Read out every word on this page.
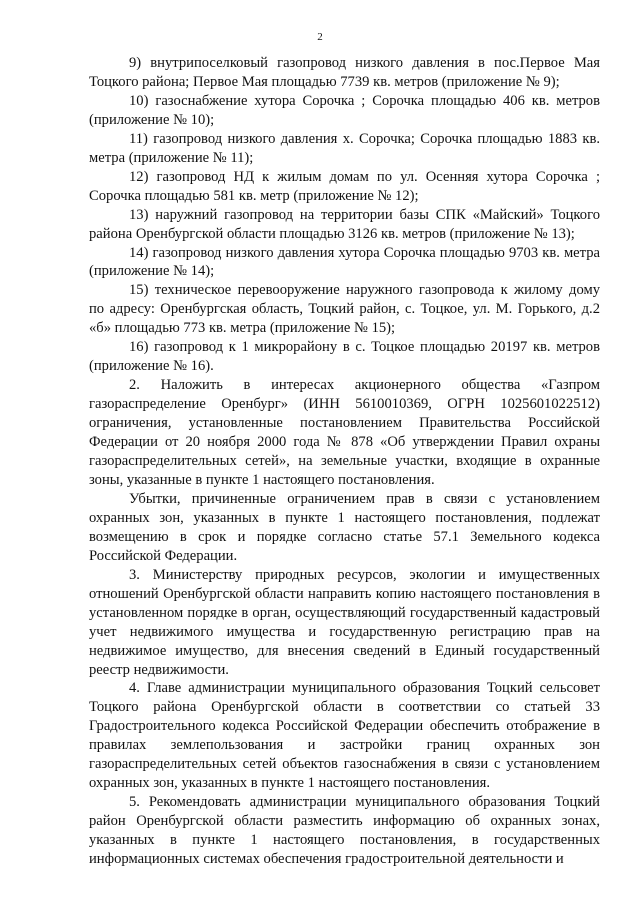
2

9) внутрипоселковый газопровод низкого давления в пос.Первое Мая Тоцкого района; Первое Мая площадью 7739 кв. метров (приложение № 9);

10) газоснабжение хутора Сорочка ; Сорочка площадью 406 кв. метров (приложение № 10);

11) газопровод низкого давления х. Сорочка; Сорочка площадью 1883 кв. метра (приложение № 11);

12) газопровод НД к жилым домам по ул. Осенняя хутора Сорочка ; Сорочка площадью 581 кв. метр (приложение № 12);

13) наружний газопровод на территории базы СПК «Майский» Тоцкого района Оренбургской области площадью 3126 кв. метров (приложение № 13);

14) газопровод низкого давления хутора Сорочка площадью 9703 кв. метра (приложение № 14);

15) техническое перевооружение наружного газопровода к жилому дому по адресу: Оренбургская область, Тоцкий район, с. Тоцкое, ул. М. Горького, д.2 «б» площадью 773 кв. метра (приложение № 15);

16) газопровод к 1 микрорайону в с. Тоцкое площадью 20197 кв. метров (приложение № 16).

2. Наложить в интересах акционерного общества «Газпром газораспределение Оренбург» (ИНН 5610010369, ОГРН 1025601022512) ограничения, установленные постановлением Правительства Российской Федерации от 20 ноября 2000 года № 878 «Об утверждении Правил охраны газораспределительных сетей», на земельные участки, входящие в охранные зоны, указанные в пункте 1 настоящего постановления.

Убытки, причиненные ограничением прав в связи с установлением охранных зон, указанных в пункте 1 настоящего постановления, подлежат возмещению в срок и порядке согласно статье 57.1 Земельного кодекса Российской Федерации.

3. Министерству природных ресурсов, экологии и имущественных отношений Оренбургской области направить копию настоящего постановления в установленном порядке в орган, осуществляющий государственный кадастровый учет недвижимого имущества и государственную регистрацию прав на недвижимое имущество, для внесения сведений в Единый государственный реестр недвижимости.

4. Главе администрации муниципального образования Тоцкий сельсовет Тоцкого района Оренбургской области в соответствии со статьей 33 Градостроительного кодекса Российской Федерации обеспечить отображение в правилах землепользования и застройки границ охранных зон газораспределительных сетей объектов газоснабжения в связи с установлением охранных зон, указанных в пункте 1 настоящего постановления.

5. Рекомендовать администрации муниципального образования Тоцкий район Оренбургской области разместить информацию об охранных зонах, указанных в пункте 1 настоящего постановления, в государственных информационных системах обеспечения градостроительной деятельности и
